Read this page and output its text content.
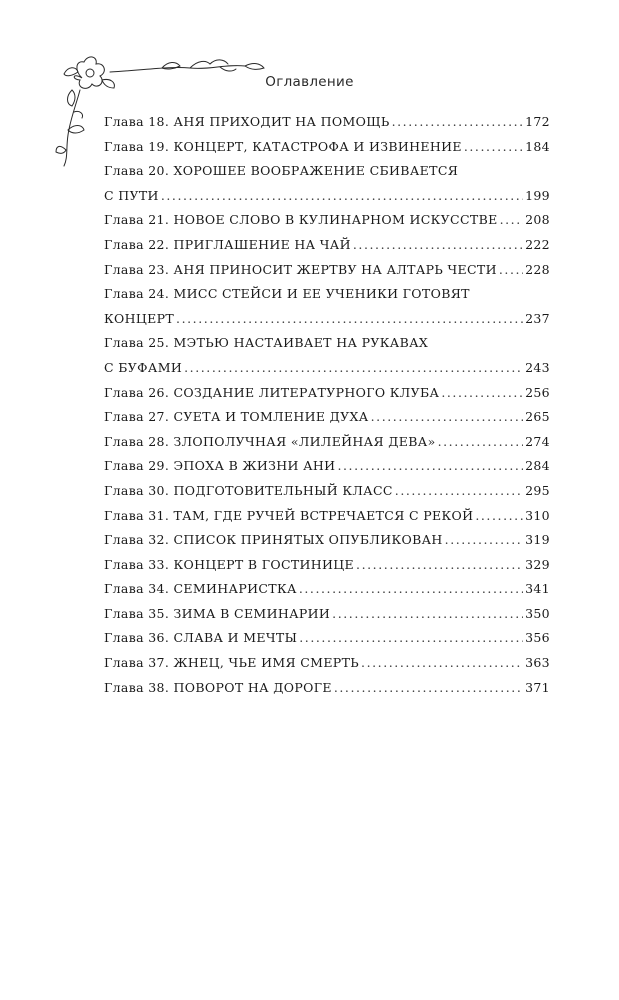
Оглавление
Глава 18. АНЯ ПРИХОДИТ НА ПОМОЩЬ . . .	172
Глава 19. КОНЦЕРТ, КАТАСТРОФА И ИЗВИНЕНИЕ . . .	184
Глава 20. ХОРОШЕЕ ВООБРАЖЕНИЕ СБИВАЕТСЯ
С ПУТИ . . .	199
Глава 21. НОВОЕ СЛОВО В КУЛИНАРНОМ ИСКУССТВЕ . . . 208
Глава 22. ПРИГЛАШЕНИЕ НА ЧАЙ . . .	222
Глава 23. АНЯ ПРИНОСИТ ЖЕРТВУ НА АЛТАРЬ ЧЕСТИ . . . 228
Глава 24. МИСС СТЕЙСИ И ЕЕ УЧЕНИКИ ГОТОВЯТ
КОНЦЕРТ . . .	237
Глава 25. МЭТЬЮ НАСТАИВАЕТ НА РУКАВАХ
С БУФАМИ . . .	243
Глава 26. СОЗДАНИЕ ЛИТЕРАТУРНОГО КЛУБА . . .	256
Глава 27. СУЕТА И ТОМЛЕНИЕ ДУХА . . .	265
Глава 28. ЗЛОПОЛУЧНАЯ «ЛИЛЕЙНАЯ ДЕВА» . . .	274
Глава 29. ЭПОХА В ЖИЗНИ АНИ . . .	284
Глава 30. ПОДГОТОВИТЕЛЬНЫЙ КЛАСС . . .	295
Глава 31. ТАМ, ГДЕ РУЧЕЙ ВСТРЕЧАЕТСЯ С РЕКОЙ . . .	310
Глава 32. СПИСОК ПРИНЯТЫХ ОПУБЛИКОВАН . . .	319
Глава 33. КОНЦЕРТ В ГОСТИНИЦЕ . . .	329
Глава 34. СЕМИНАРИСТКА . . .	341
Глава 35. ЗИМА В СЕМИНАРИИ . . .	350
Глава 36. СЛАВА И МЕЧТЫ . . .	356
Глава 37. ЖНЕЦ, ЧЬЕ ИМЯ СМЕРТЬ . . .	363
Глава 38. ПОВОРОТ НА ДОРОГЕ . . .	371
